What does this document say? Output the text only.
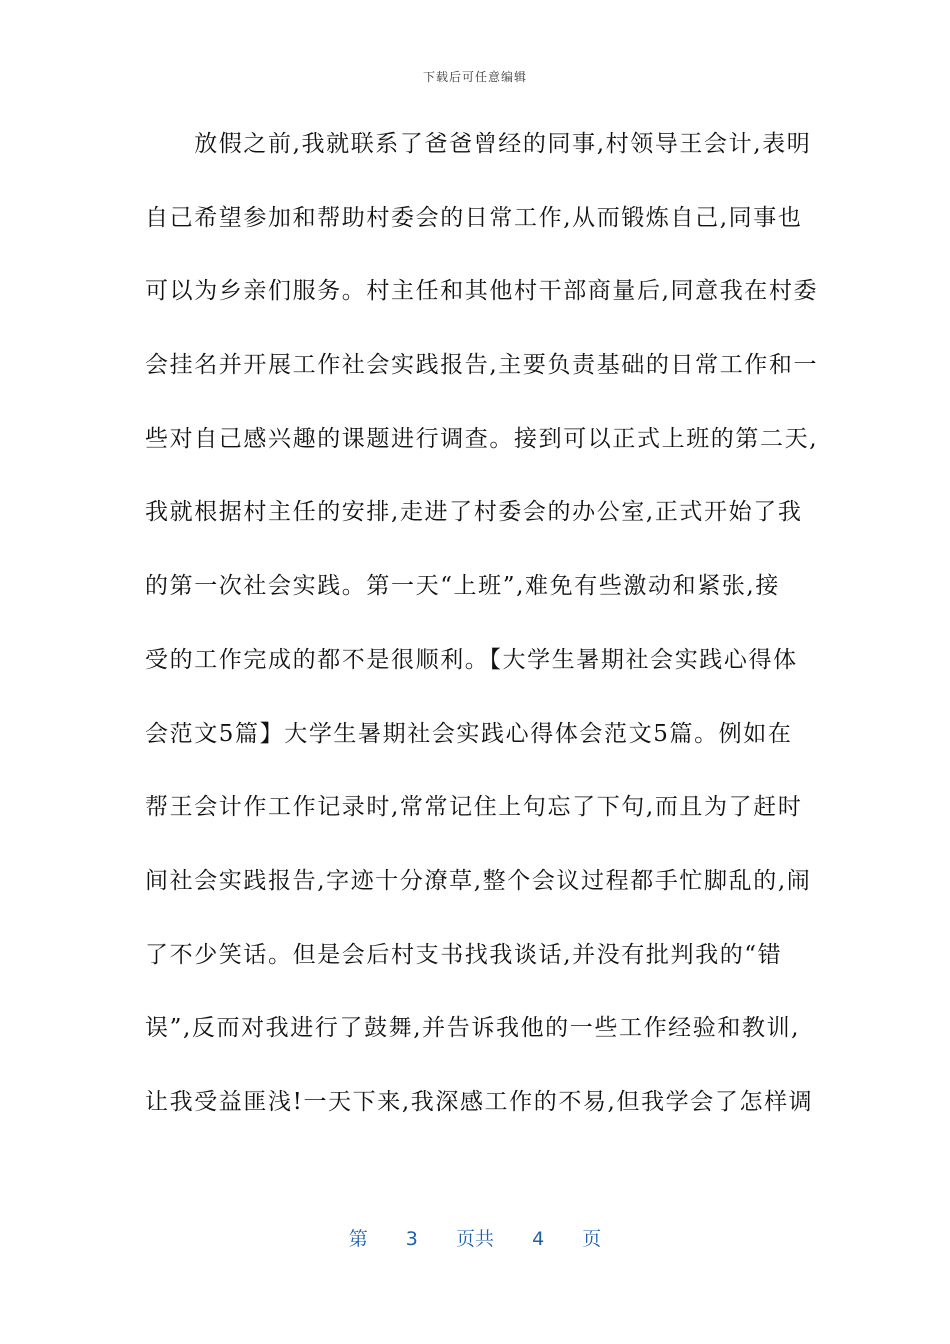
下载后可任意编辑
　　放假之前,我就联系了爸爸曾经的同事,村领导王会计,表明
自己希望参加和帮助村委会的日常工作,从而锻炼自己,同事也
可以为乡亲们服务。村主任和其他村干部商量后,同意我在村委
会挂名并开展工作社会实践报告,主要负责基础的日常工作和一
些对自己感兴趣的课题进行调查。接到可以正式上班的第二天,
我就根据村主任的安排,走进了村委会的办公室,正式开始了我
的第一次社会实践。第一天“上班”,难免有些激动和紧张,接
受的工作完成的都不是很顺利。【大学生暑期社会实践心得体
会范文5篇】大学生暑期社会实践心得体会范文5篇。例如在
帮王会计作工作记录时,常常记住上句忘了下句,而且为了赶时
间社会实践报告,字迹十分潦草,整个会议过程都手忙脚乱的,闹
了不少笑话。但是会后村支书找我谈话,并没有批判我的“错
误”,反而对我进行了鼓舞,并告诉我他的一些工作经验和教训,
让我受益匪浅!一天下来,我深感工作的不易,但我学会了怎样调
第 3 页共 4 页
